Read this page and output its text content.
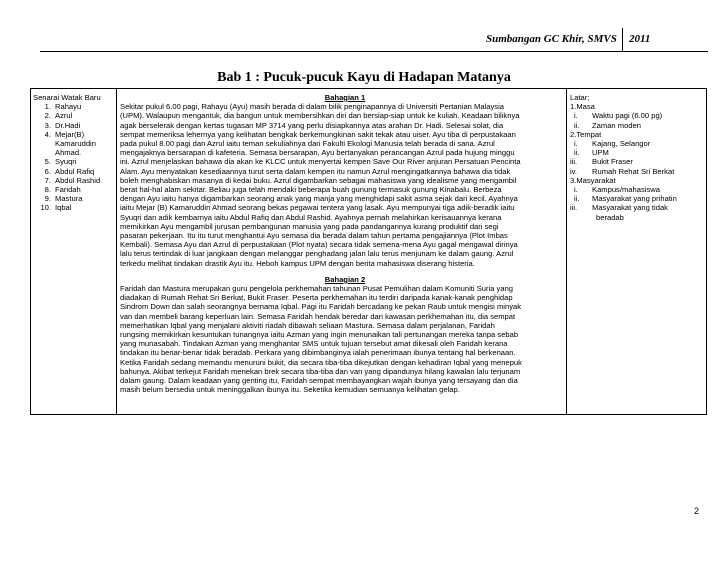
Sumbangan GC Khir, SMVS 2011
Bab 1 : Pucuk-pucuk Kayu di Hadapan Matanya
Senarai Watak Baru
1. Rahayu
2. Azrul
3. Dr.Hadi
4. Mejar(B)
Kamaruddin
Ahmad.
5. Syuqri
6. Abdul Rafiq
7. Abdul Rashid
8. Faridah
9. Mastura
10. Iqbal
Bahagian 1
Sekitar pukul 6.00 pagi, Rahayu (Ayu) masih berada di dalam bilik penginapannya di Universiti Pertanian Malaysia
(UPM). Walaupun mengantuk, dia bangun untuk membersihkan diri dan bersiap-siap untuk ke kuliah. Keadaan biliknya
agak berselerak dengan kertas tugasan MP 3714 yang perlu disiapkannya atas arahan Dr. Hadi. Selesai solat, dia
sempat memeriksa lehernya yang kelihatan bengkak berkemungkinan sakit tekak atau uiser. Ayu tiba di perpustakaan
pada pukul 8.00 pagi dan Azrul iaitu teman sekuliahnya dari Fakulti Ekologi Manusia telah berada di sana. Azrul
mengajaknya bersarapan di kafeteria. Semasa bersarapan, Ayu bertanyakan perancangan Azrul pada hujung minggu
ini. Azrul menjelaskan bahawa dia akan ke KLCC untuk menyertai kempen Save Our River anjuran Persatuan Pencinta
Alam. Ayu menyatakan kesediaannya turut serta dalam kempen itu namun Azrul mengingatkannya bahawa dia tidak
boleh menghabiskan masanya di kedai buku. Azrul digambarkan sebagai mahasiswa yang idealisme yang mengambil
berat hal-hal alam sekitar. Beliau juga telah mendaki beberapa buah gunung termasuk gunung Kinabalu. Berbeza
dengan Ayu iaitu hanya digambarkan seorang anak yang manja yang menghidapi sakit asma sejak dari kecil. Ayahnya
iaitu Mejar (B) Kamaruddin Ahmad seorang bekas pegawai tentera yang lasak. Ayu mempunyai tiga adik-beradik iaitu
Syuqri dan adik kembarnya iaitu Abdul Rafiq dan Abdul Rashid. Ayahnya pernah melahirkan kerisauannya kerana
memikirkan Ayu mengambil jurusan pembangunan manusia yang pada pandangannya kurang produktif dari segi
pasaran pekerjaan. Itu itu turut menghantui Ayu semasa dia berada dalam tahun pertama pengajiannya (Plot Imbas
Kembali). Semasa Ayu dan Azrul di perpustakaan (Plot nyata) secara tidak semena-mena Ayu gagal mengawal dirinya
lalu terus tertindak di luar jangkaan dengan melanggar penghadang jalan lalu terus menjunam ke dalam gaung. Azrul
terkedu melihat tindakan drastik Ayu itu. Heboh kampus UPM dengan berita mahasiswa diserang histeria.
Bahagian 2
Faridah dan Mastura merupakan guru pengelola perkhemahan tahunan Pusat Pemulihan dalam Komuniti Suria yang
diadakan di Rumah Rehat Sri Berkat, Bukit Fraser. Peserta perkhemahan itu terdiri daripada kanak-kanak penghidap
Sindrom Down dan salah seorangnya bernama Iqbal. Pagi itu Faridah bercadang ke pekan Raub untuk mengisi minyak
van dan membeli barang keperluan lain. Semasa Faridah hendak beredar dari kawasan perkhemahan itu, dia sempat
memerhatikan Iqbal yang menjalani aktiviti riadah dibawah seliaan Mastura. Semasa dalam perjalanan, Faridah
rungsing memikirkan kesuntukan tunangnya iaitu Azman yang ingin menunaikan tali pertunangan mereka tanpa sebab
yang munasabah. Tindakan Azman yang menghantar SMS untuk tujuan tersebut amat dikesali oleh Faridah kerana
tindakan itu benar-benar tidak beradab. Perkara yang dibimbanginya ialah penerimaan ibunya tentang hal berkenaan.
Ketika Faridah sedang memandu menuruni bukit, dia secara tiba-tiba dikejutkan dengan kehadiran Iqbal yang menepuk
bahunya. Akibat terkejut Faridah menekan brek secara tiba-tiba dan van yang dipandunya hilang kawalan lalu terjunam
dalam gaung. Dalam keadaan yang genting itu, Faridah sempat membayangkan wajah ibunya yang tersayang dan dia
masih belum bersedia untuk meninggalkan ibunya itu. Seketika kemudian semuanya kelihatan gelap.
Latar;
1.Masa
i.	Waktu pagi (6.00 pg)
ii.	Zaman moden
2.Tempat
i.	Kajang, Selangor
ii.	UPM
iii.	Bukit Fraser
iv.	Rumah Rehat Sri Berkat
3.Masyarakat
i.	Kampus/mahasiswa
ii.	Masyarakat yang prihatin
iii.	Masyarakat yang tidak
beradab
2
